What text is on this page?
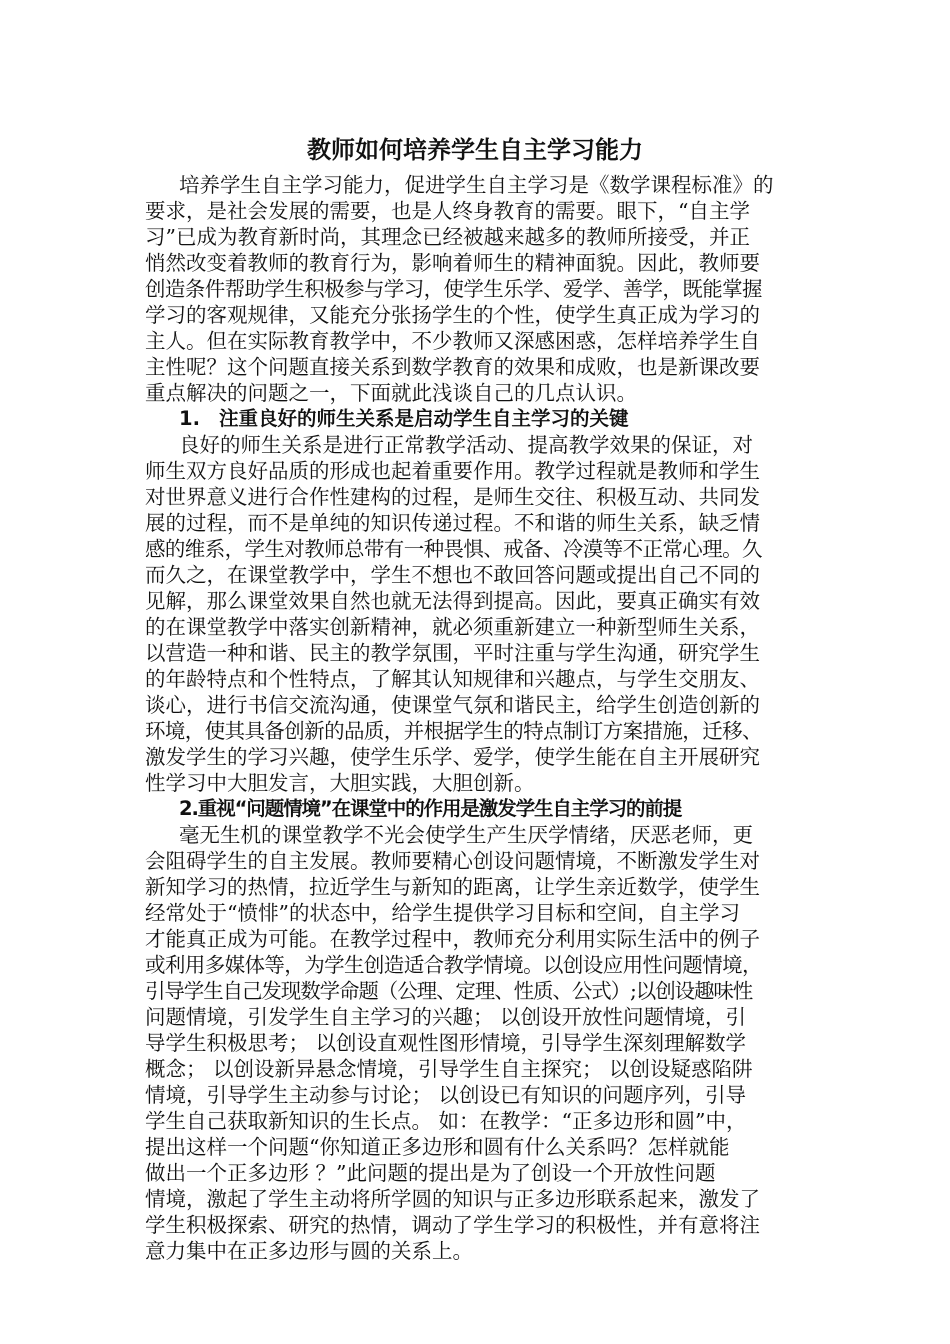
教师如何培养学生自主学习能力
培养学生自主学习能力，促进学生自主学习是《数学课程标准》的
要求，是社会发展的需要，也是人终身教育的需要。眼下，“自主学
习”已成为教育新时尚，其理念已经被越来越多的教师所接受，并正
悄然改变着教师的教育行为，影响着师生的精神面貌。因此，教师要
创造条件帮助学生积极参与学习，使学生乐学、爱学、善学，既能掌握
学习的客观规律，又能充分张扬学生的个性，使学生真正成为学习的
主人。但在实际教育教学中，不少教师又深感困惑，怎样培养学生自
主性呢？这个问题直接关系到数学教育的效果和成败，也是新课改要
重点解决的问题之一，下面就此浅谈自己的几点认识。
1. 注重良好的师生关系是启动学生自主学习的关键
良好的师生关系是进行正常教学活动、提高教学效果的保证，对
师生双方良好品质的形成也起着重要作用。教学过程就是教师和学生
对世界意义进行合作性建构的过程，是师生交往、积极互动、共同发
展的过程，而不是单纯的知识传递过程。不和谐的师生关系，缺乏情
感的维系，学生对教师总带有一种畏惧、戒备、冷漠等不正常心理。久
而久之，在课堂教学中，学生不想也不敢回答问题或提出自己不同的
见解，那么课堂效果自然也就无法得到提高。因此，要真正确实有效
的在课堂教学中落实创新精神，就必须重新建立一种新型师生关系，
以营造一种和谐、民主的教学氛围，平时注重与学生沟通，研究学生
的年龄特点和个性特点，了解其认知规律和兴趣点，与学生交朋友、
谈心，进行书信交流沟通，使课堂气氛和谐民主，给学生创造创新的
环境，使其具备创新的品质，并根据学生的特点制订方案措施，迁移、
激发学生的学习兴趣，使学生乐学、爱学，使学生能在自主开展研究
性学习中大胆发言，大胆实践，大胆创新。
2.重视“问题情境”在课堂中的作用是激发学生自主学习的前提
毫无生机的课堂教学不光会使学生产生厌学情绪，厌恶老师，更
会阻碍学生的自主发展。教师要精心创设问题情境，不断激发学生对
新知学习的热情，拉近学生与新知的距离，让学生亲近数学，使学生
经常处于“愤悱”的状态中，给学生提供学习目标和空间，自主学习
才能真正成为可能。在教学过程中，教师充分利用实际生活中的例子
或利用多媒体等，为学生创造适合教学情境。以创设应用性问题情境，
引导学生自己发现数学命题（公理、定理、性质、公式）;以创设趣味性
问题情境，引发学生自主学习的兴趣； 以创设开放性问题情境，引
导学生积极思考； 以创设直观性图形情境，引导学生深刻理解数学
概念； 以创设新异悬念情境，引导学生自主探究； 以创设疑惑陷阱
情境，引导学生主动参与讨论； 以创设已有知识的问题序列，引导
学生自己获取新知识的生长点。 如：在教学：“正多边形和圆”中，
提出这样一个问题“你知道正多边形和圆有什么关系吗？怎样就能
做出一个正多边形 ？”此问题的提出是为了创设一个开放性问题
情境，激起了学生主动将所学圆的知识与正多边形联系起来，激发了
学生积极探索、研究的热情，调动了学生学习的积极性，并有意将注
意力集中在正多边形与圆的关系上。
